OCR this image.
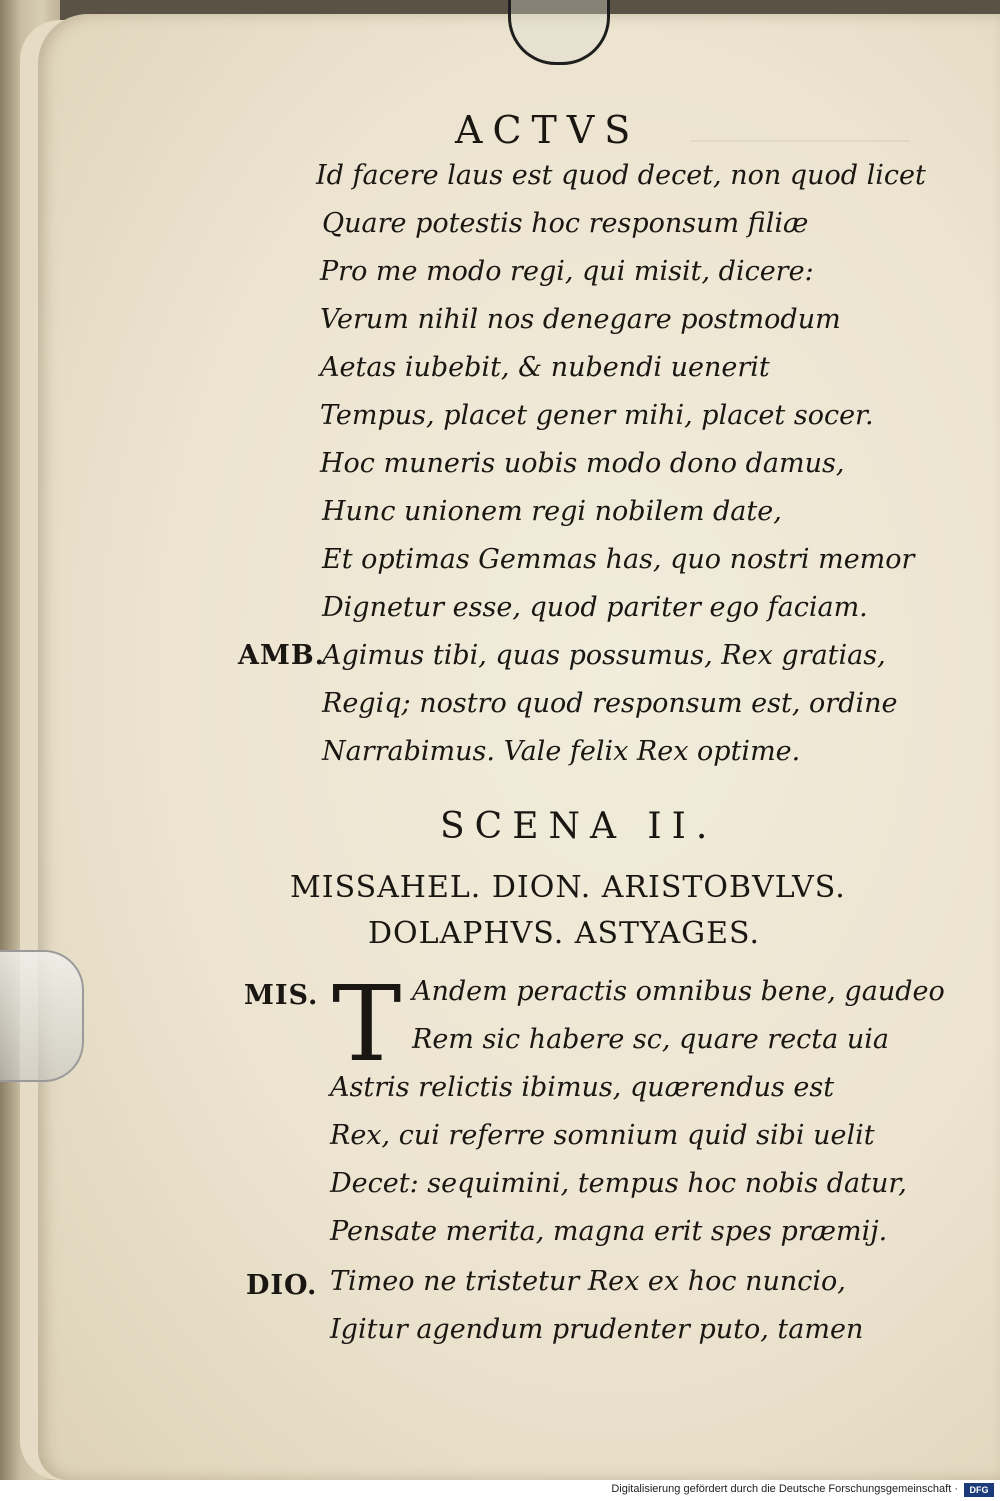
ACTVS
Id facere laus est quod decet, non quod licet
Quare potestis hoc responsum filiæ
Pro me modo regi, qui misit, dicere:
Verum nihil nos denegare postmodum
Aetas iubebit, & nubendi uenerit
Tempus, placet gener mihi, placet socer.
Hoc muneris uobis modo dono damus,
Hunc unionem regi nobilem date,
Et optimas Gemmas has, quo nostri memor
Dignetur esse, quod pariter ego faciam.
AMB.
Agimus tibi, quas possumus, Rex gratias,
Regiq; nostro quod responsum est, ordine
Narrabimus. Vale felix Rex optime.
SCENA II.
MISSAHEL. DION. ARISTOBVLVS.
DOLAPHVS. ASTYAGES.
MIS. T Andem peractis omnibus bene, gaudeo
Rem sic habere sc, quare recta uia
Astris relictis ibimus, quærendus est
Rex, cui referre somnium quid sibi uelit
Decet: sequimini, tempus hoc nobis datur,
Pensate merita, magna erit spes præmij.
DIO. Timeo ne tristetur Rex ex hoc nuncio,
Igitur agendum prudenter puto, tamen
Digitalisierung gefördert durch die Deutsche Forschungsgemeinschaft ·	DFG
